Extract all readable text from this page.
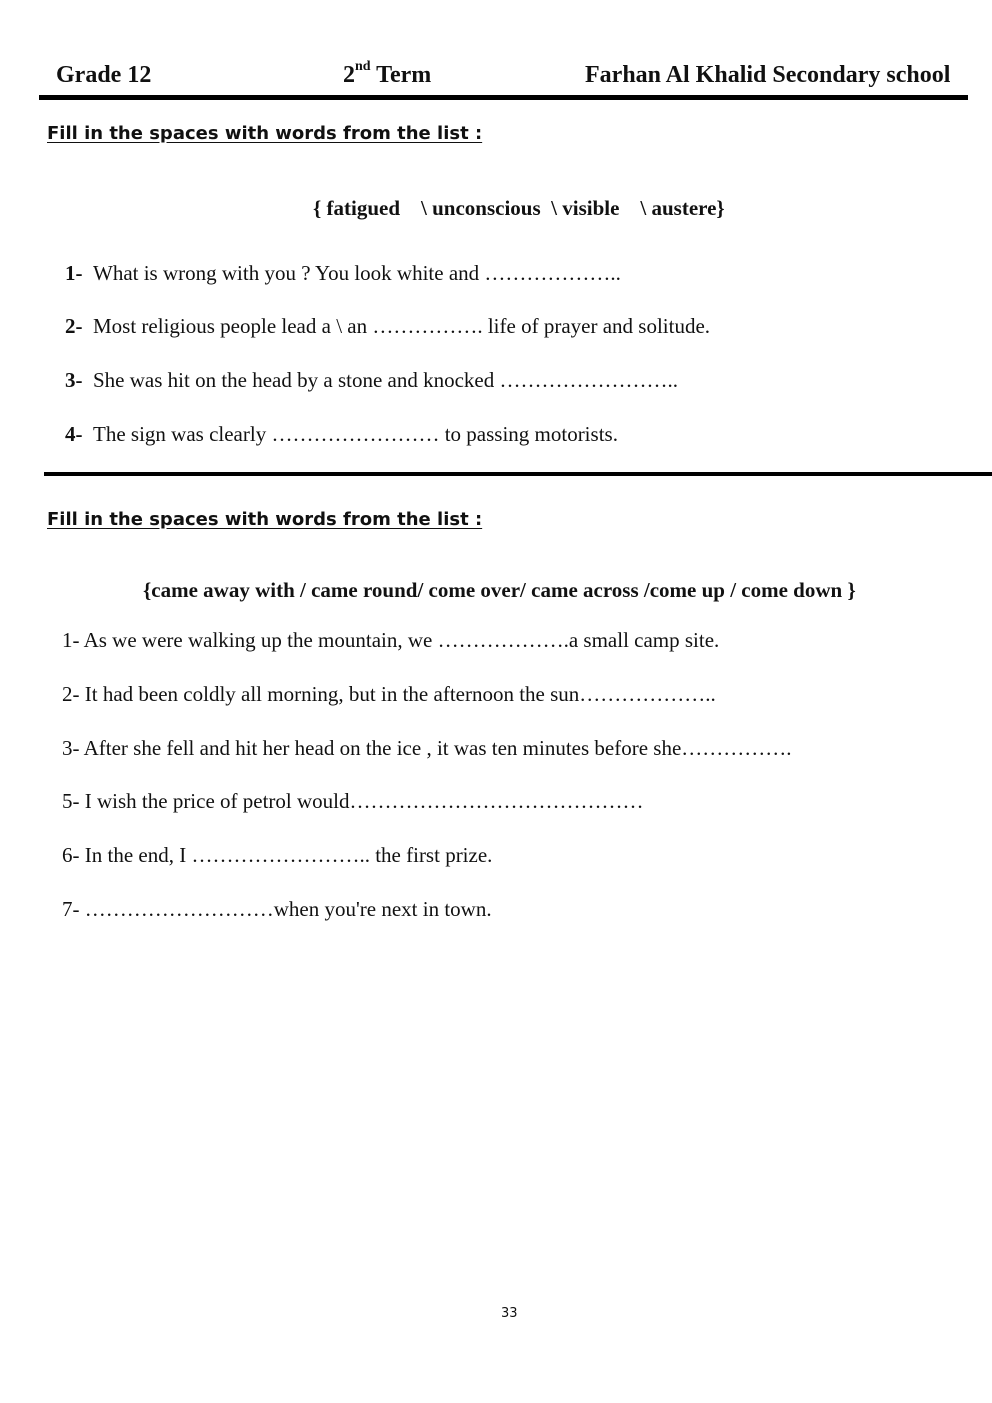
Grade 12	2nd Term	Farhan Al Khalid Secondary school
Fill in the spaces with words from the list :
{ fatigued    \ unconscious  \ visible    \ austere}
1- What is wrong with you ? You look white and ………………..
2- Most religious people lead a \ an ……………. life of prayer and solitude.
3- She was hit on the head by a stone and knocked ……………………..
4- The sign was clearly …………………… to passing motorists.
Fill in the spaces with words from the list :
{came away with / came round/ come over/ came across /come up / come down }
1- As we were walking up the mountain, we ……………….a small camp site.
2- It had been coldly all morning, but in the afternoon the sun………………..
3- After she fell and hit her head on the ice , it was ten minutes before she…………….
5- I wish the price of petrol would……………………………………
6- In the end, I …………………….. the first prize.
7- ………………………when you're next in town.
33
